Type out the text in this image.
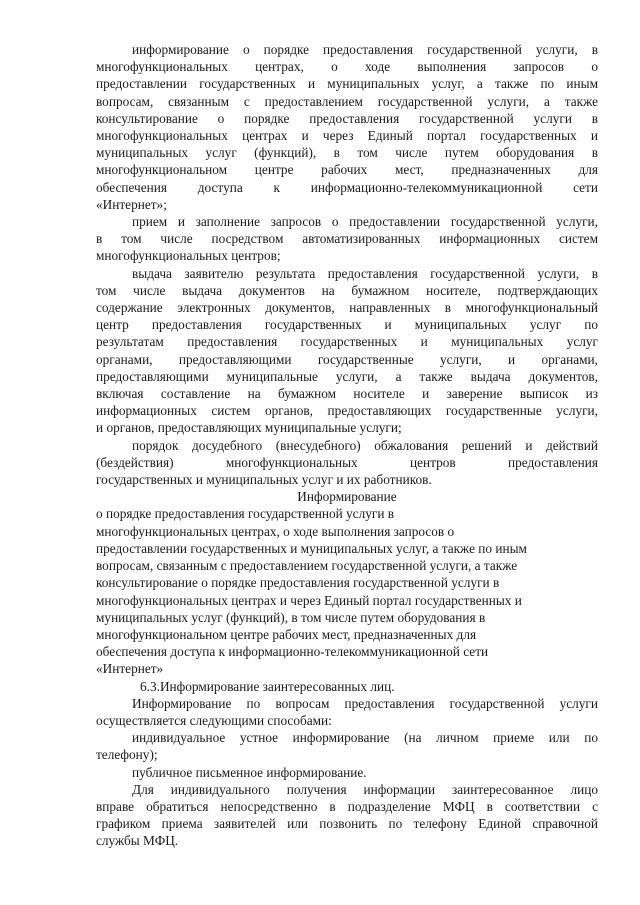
информирование о порядке предоставления государственной услуги, в
многофункциональных центрах, о ходе выполнения запросов о
предоставлении государственных и муниципальных услуг, а также по иным
вопросам, связанным с предоставлением государственной услуги, а также
консультирование о порядке предоставления государственной услуги в
многофункциональных центрах и через Единый портал государственных и
муниципальных услуг (функций), в том числе путем оборудования в
многофункциональном центре рабочих мест, предназначенных для
обеспечения доступа к информационно-телекоммуникационной сети
«Интернет»;
прием и заполнение запросов о предоставлении государственной услуги,
в том числе посредством автоматизированных информационных систем
многофункциональных центров;
выдача заявителю результата предоставления государственной услуги, в
том числе выдача документов на бумажном носителе, подтверждающих
содержание электронных документов, направленных в многофункциональный
центр предоставления государственных и муниципальных услуг по
результатам предоставления государственных и муниципальных услуг
органами, предоставляющими государственные услуги, и органами,
предоставляющими муниципальные услуги, а также выдача документов,
включая составление на бумажном носителе и заверение выписок из
информационных систем органов, предоставляющих государственные услуги,
и органов, предоставляющих муниципальные услуги;
порядок досудебного (внесудебного) обжалования решений и действий
(бездействия) многофункциональных центров предоставления
государственных и муниципальных услуг и их работников.
Информирование
о порядке предоставления государственной услуги в
многофункциональных центрах, о ходе выполнения запросов о
предоставлении государственных и муниципальных услуг, а также по иным
вопросам, связанным с предоставлением государственной услуги, а также
консультирование о порядке предоставления государственной услуги в
многофункциональных центрах и через Единый портал государственных и
муниципальных услуг (функций), в том числе путем оборудования в
многофункциональном центре рабочих мест, предназначенных для
обеспечения доступа к информационно-телекоммуникационной сети
«Интернет»
6.3.Информирование заинтересованных лиц.
Информирование по вопросам предоставления государственной услуги
осуществляется следующими способами:
индивидуальное устное информирование (на личном приеме или по
телефону);
публичное письменное информирование.
Для индивидуального получения информации заинтересованное лицо
вправе обратиться непосредственно в подразделение МФЦ в соответствии с
графиком приема заявителей или позвонить по телефону Единой справочной
службы МФЦ.
